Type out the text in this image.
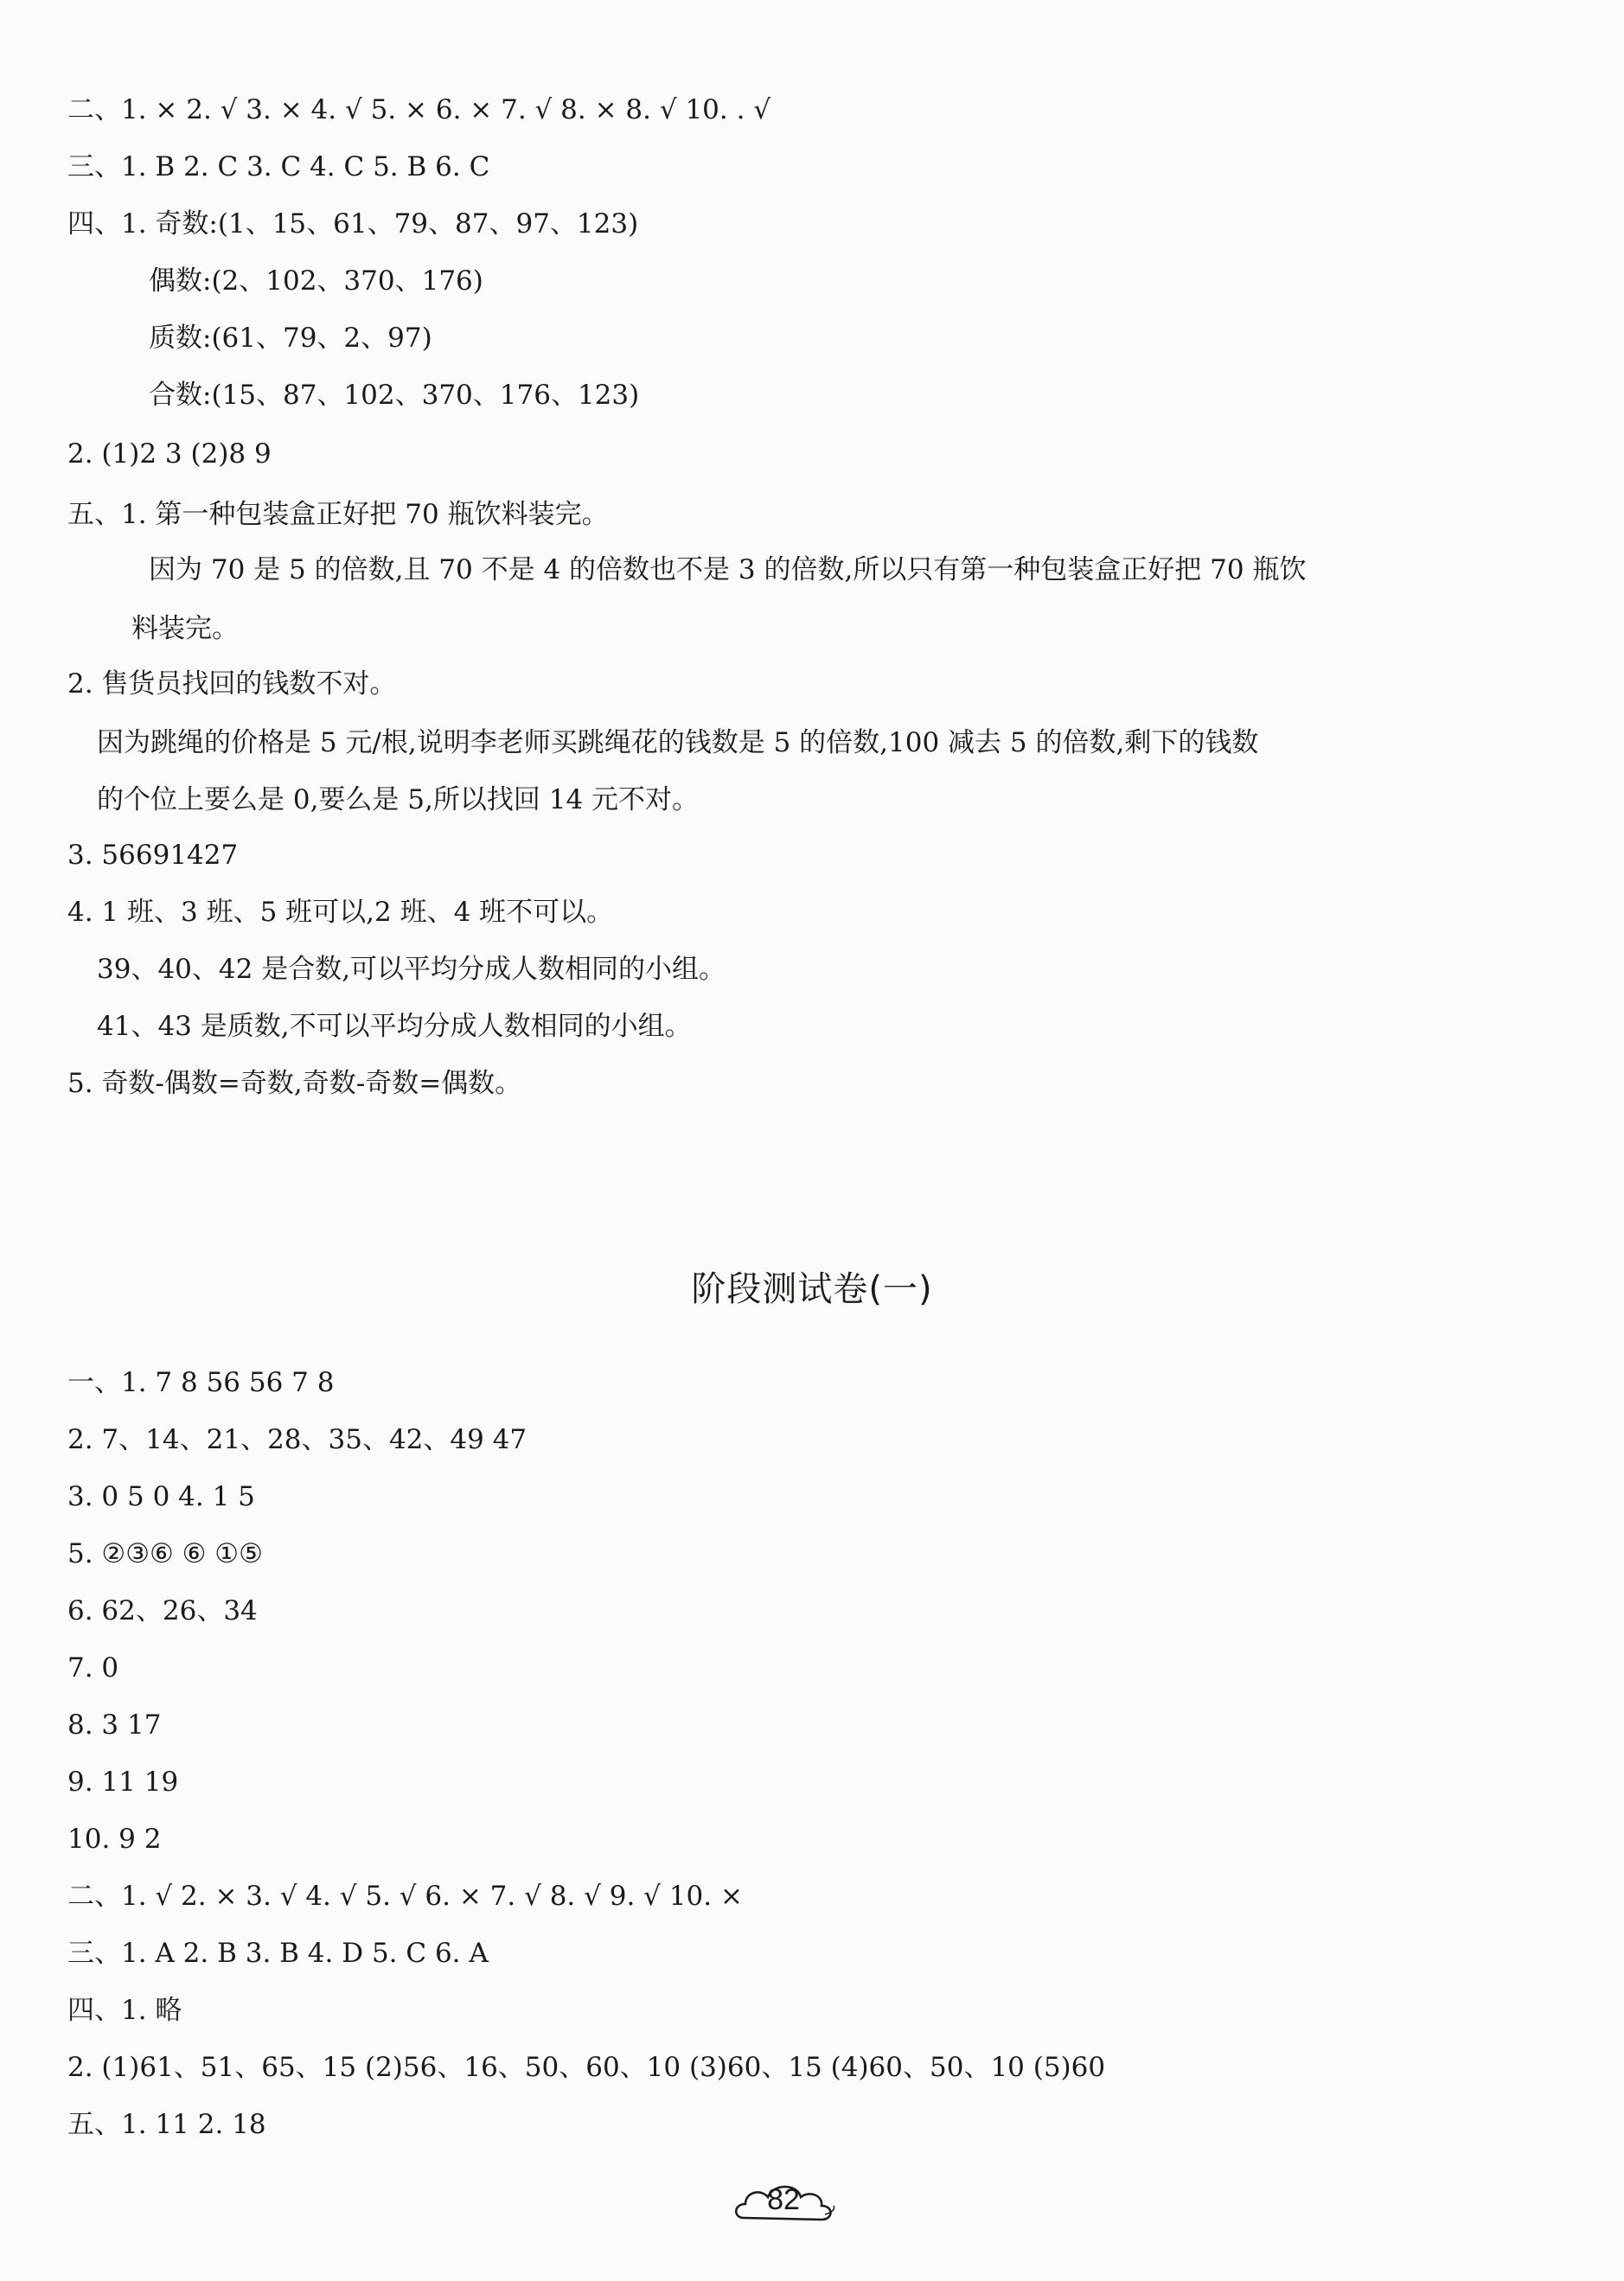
二、1. × 2. √ 3. × 4. √ 5. × 6. × 7. √ 8. × 8. √ 10. . √
三、1. B 2. C 3. C 4. C 5. B 6. C
四、1. 奇数:(1、15、61、79、87、97、123)
偶数:(2、102、370、176)
质数:(61、79、2、97)
合数:(15、87、102、370、176、123)
2. (1)2 3 (2)8 9
五、1. 第一种包装盒正好把 70 瓶饮料装完。
因为 70 是 5 的倍数,且 70 不是 4 的倍数也不是 3 的倍数,所以只有第一种包装盒正好把 70 瓶饮
料装完。
2. 售货员找回的钱数不对。
因为跳绳的价格是 5 元/根,说明李老师买跳绳花的钱数是 5 的倍数,100 减去 5 的倍数,剩下的钱数
的个位上要么是 0,要么是 5,所以找回 14 元不对。
3. 56691427
4. 1 班、3 班、5 班可以,2 班、4 班不可以。
39、40、42 是合数,可以平均分成人数相同的小组。
41、43 是质数,不可以平均分成人数相同的小组。
5. 奇数-偶数=奇数,奇数-奇数=偶数。
阶段测试卷(一)
一、1. 7 8 56 56 7 8
2. 7、14、21、28、35、42、49 47
3. 0 5 0 4. 1 5
5. ②③⑥ ⑥ ①⑤
6. 62、26、34
7. 0
8. 3 17
9. 11 19
10. 9 2
二、1. √ 2. × 3. √ 4. √ 5. √ 6. × 7. √ 8. √ 9. √ 10. ×
三、1. A 2. B 3. B 4. D 5. C 6. A
四、1. 略
2. (1)61、51、65、15 (2)56、16、50、60、10 (3)60、15 (4)60、50、10 (5)60
五、1. 11 2. 18
82
